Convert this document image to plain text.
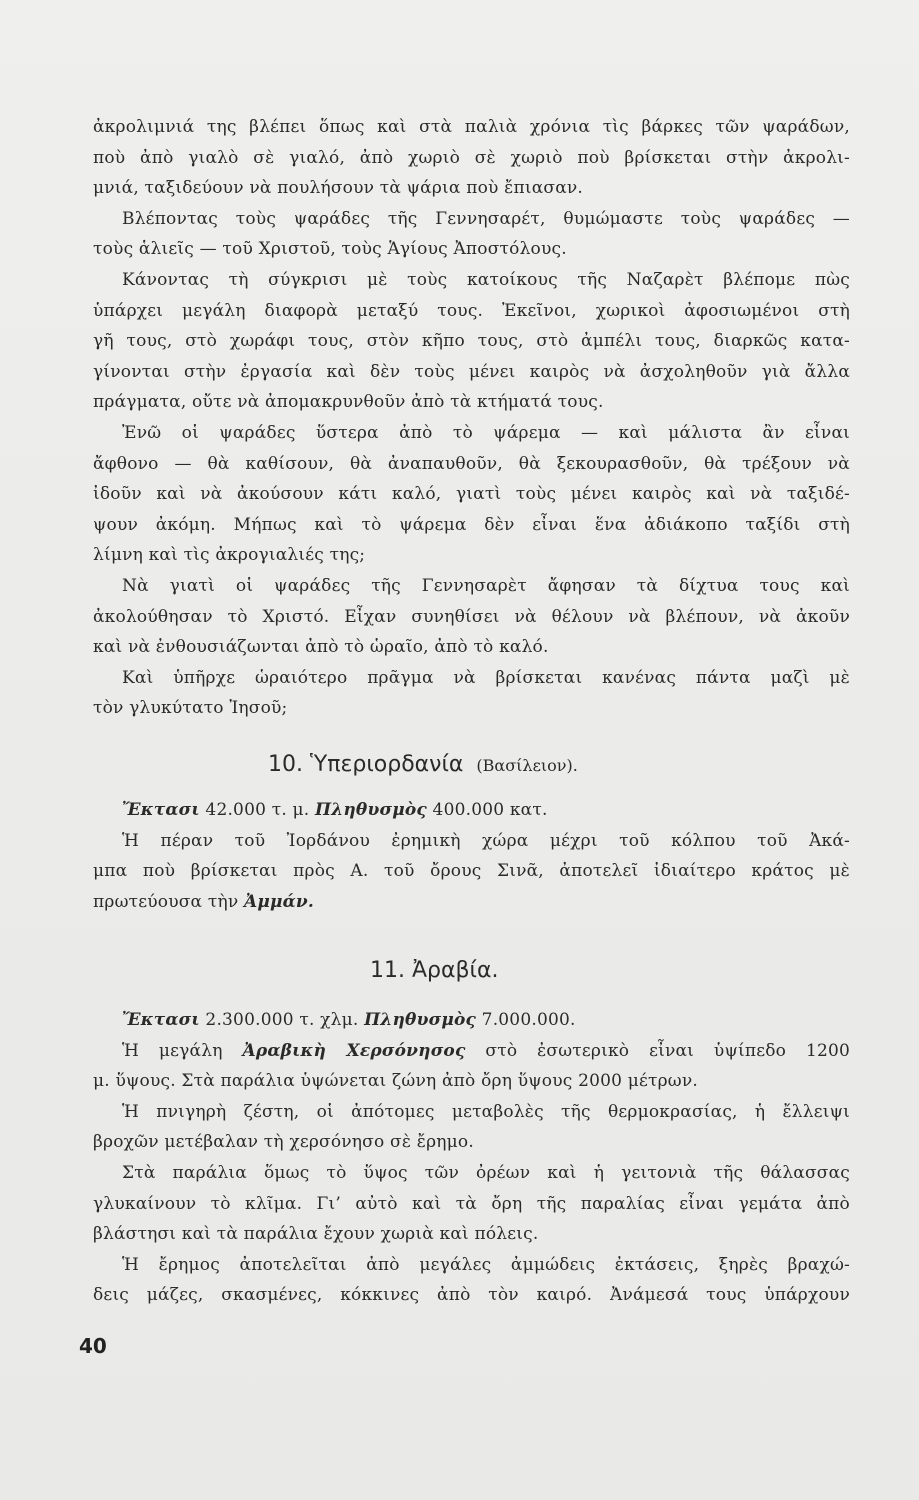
ἀκρολιμνιά της βλέπει ὅπως καὶ στὰ παλιὰ χρόνια τὶς βάρκες τῶν ψαράδων,
ποὺ ἀπὸ γιαλὸ σὲ γιαλό, ἀπὸ χωριὸ σὲ χωριὸ ποὺ βρίσκεται στὴν ἀκρολι-
μνιά, ταξιδεύουν νὰ πουλήσουν τὰ ψάρια ποὺ ἔπιασαν.
Βλέποντας τοὺς ψαράδες τῆς Γεννησαρέτ, θυμώμαστε τοὺς ψαράδες —
τοὺς ἁλιεῖς — τοῦ Χριστοῦ, τοὺς Ἁγίους Ἀποστόλους.
Κάνοντας τὴ σύγκρισι μὲ τοὺς κατοίκους τῆς Ναζαρὲτ βλέπομε πὼς
ὑπάρχει μεγάλη διαφορὰ μεταξύ τους. Ἐκεῖνοι, χωρικοὶ ἀφοσιωμένοι στὴ
γῆ τους, στὸ χωράφι τους, στὸν κῆπο τους, στὸ ἀμπέλι τους, διαρκῶς κατα-
γίνονται στὴν ἐργασία καὶ δὲν τοὺς μένει καιρὸς νὰ ἀσχοληθοῦν γιὰ ἄλλα
πράγματα, οὔτε νὰ ἀπομακρυνθοῦν ἀπὸ τὰ κτήματά τους.
Ἐνῶ οἱ ψαράδες ὕστερα ἀπὸ τὸ ψάρεμα — καὶ μάλιστα ἂν εἶναι
ἄφθονο — θὰ καθίσουν, θὰ ἀναπαυθοῦν, θὰ ξεκουρασθοῦν, θὰ τρέξουν νὰ
ἰδοῦν καὶ νὰ ἀκούσουν κάτι καλό, γιατὶ τοὺς μένει καιρὸς καὶ νὰ ταξιδέ-
ψουν ἀκόμη. Μήπως καὶ τὸ ψάρεμα δὲν εἶναι ἕνα ἀδιάκοπο ταξίδι στὴ
λίμνη καὶ τὶς ἀκρογιαλιές της;
Νὰ γιατὶ οἱ ψαράδες τῆς Γεννησαρὲτ ἄφησαν τὰ δίχτυα τους καὶ
ἀκολούθησαν τὸ Χριστό. Εἶχαν συνηθίσει νὰ θέλουν νὰ βλέπουν, νὰ ἀκοῦν
καὶ νὰ ἐνθουσιάζωνται ἀπὸ τὸ ὡραῖο, ἀπὸ τὸ καλό.
Καὶ ὑπῆρχε ὡραιότερο πρᾶγμα νὰ βρίσκεται κανένας πάντα μαζὶ μὲ
τὸν γλυκύτατο Ἰησοῦ;
10. Ὑπεριορδανία (Βασίλειον).
Ἔκτασι 42.000 τ. μ. Πληθυσμὸς 400.000 κατ.
Ἡ πέραν τοῦ Ἰορδάνου ἐρημικὴ χώρα μέχρι τοῦ κόλπου τοῦ Ἀκά-
μπα ποὺ βρίσκεται πρὸς Α. τοῦ ὄρους Σινᾶ, ἀποτελεῖ ἰδιαίτερο κράτος μὲ
πρωτεύουσα τὴν Ἀμμάν.
11. Ἀραβία.
Ἔκτασι 2.300.000 τ. χλμ. Πληθυσμὸς 7.000.000.
Ἡ μεγάλη Ἀραβικὴ Χερσόνησος στὸ ἐσωτερικὸ εἶναι ὑψίπεδο 1200
μ. ὕψους. Στὰ παράλια ὑψώνεται ζώνη ἀπὸ ὄρη ὕψους 2000 μέτρων.
Ἡ πνιγηρὴ ζέστη, οἱ ἀπότομες μεταβολὲς τῆς θερμοκρασίας, ἡ ἔλλειψι
βροχῶν μετέβαλαν τὴ χερσόνησο σὲ ἔρημο.
Στὰ παράλια ὅμως τὸ ὕψος τῶν ὀρέων καὶ ἡ γειτονιὰ τῆς θάλασσας
γλυκαίνουν τὸ κλῖμα. Γι’ αὐτὸ καὶ τὰ ὄρη τῆς παραλίας εἶναι γεμάτα ἀπὸ
βλάστησι καὶ τὰ παράλια ἔχουν χωριὰ καὶ πόλεις.
Ἡ ἔρημος ἀποτελεῖται ἀπὸ μεγάλες ἀμμώδεις ἐκτάσεις, ξηρὲς βραχώ-
δεις μάζες, σκασμένες, κόκκινες ἀπὸ τὸν καιρό. Ἀνάμεσά τους ὑπάρχουν
40
